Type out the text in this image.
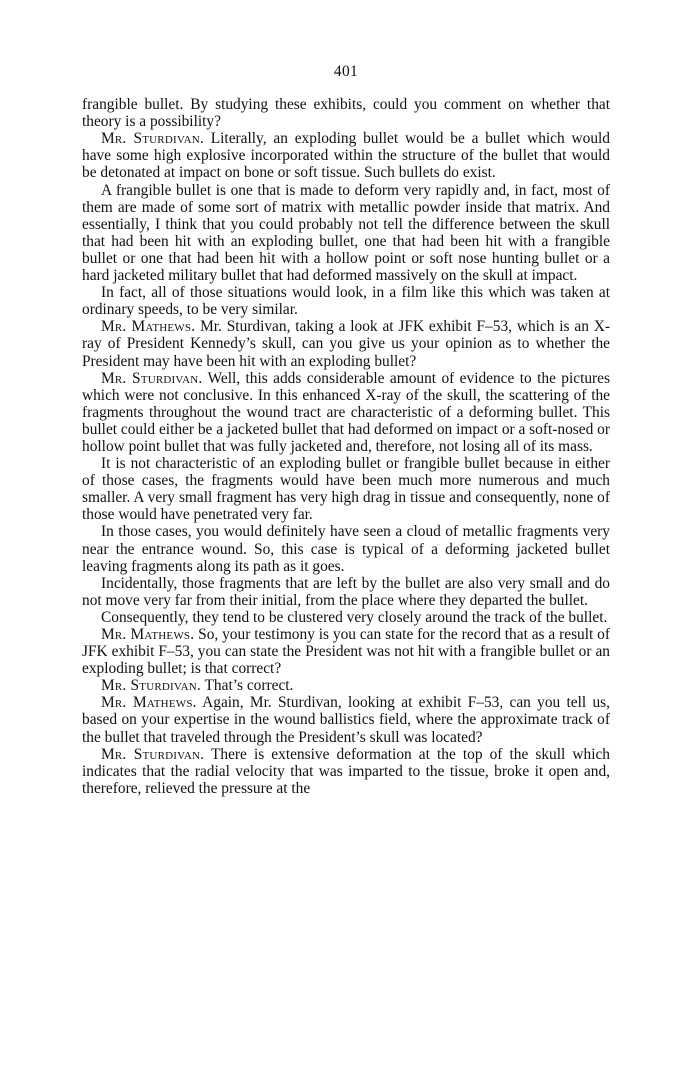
401

frangible bullet. By studying these exhibits, could you comment on whether that theory is a possibility?

Mr. Sturdivan. Literally, an exploding bullet would be a bullet which would have some high explosive incorporated within the structure of the bullet that would be detonated at impact on bone or soft tissue. Such bullets do exist.

A frangible bullet is one that is made to deform very rapidly and, in fact, most of them are made of some sort of matrix with metallic powder inside that matrix. And essentially, I think that you could probably not tell the difference between the skull that had been hit with an exploding bullet, one that had been hit with a frangible bullet or one that had been hit with a hollow point or soft nose hunting bullet or a hard jacketed military bullet that had deformed massively on the skull at impact.

In fact, all of those situations would look, in a film like this which was taken at ordinary speeds, to be very similar.

Mr. Mathews. Mr. Sturdivan, taking a look at JFK exhibit F–53, which is an X-ray of President Kennedy’s skull, can you give us your opinion as to whether the President may have been hit with an exploding bullet?

Mr. Sturdivan. Well, this adds considerable amount of evidence to the pictures which were not conclusive. In this enhanced X-ray of the skull, the scattering of the fragments throughout the wound tract are characteristic of a deforming bullet. This bullet could either be a jacketed bullet that had deformed on impact or a soft-nosed or hollow point bullet that was fully jacketed and, therefore, not losing all of its mass.

It is not characteristic of an exploding bullet or frangible bullet because in either of those cases, the fragments would have been much more numerous and much smaller. A very small fragment has very high drag in tissue and consequently, none of those would have penetrated very far.

In those cases, you would definitely have seen a cloud of metallic fragments very near the entrance wound. So, this case is typical of a deforming jacketed bullet leaving fragments along its path as it goes.

Incidentally, those fragments that are left by the bullet are also very small and do not move very far from their initial, from the place where they departed the bullet.

Consequently, they tend to be clustered very closely around the track of the bullet.

Mr. Mathews. So, your testimony is you can state for the record that as a result of JFK exhibit F–53, you can state the President was not hit with a frangible bullet or an exploding bullet; is that correct?

Mr. Sturdivan. That’s correct.

Mr. Mathews. Again, Mr. Sturdivan, looking at exhibit F–53, can you tell us, based on your expertise in the wound ballistics field, where the approximate track of the bullet that traveled through the President’s skull was located?

Mr. Sturdivan. There is extensive deformation at the top of the skull which indicates that the radial velocity that was imparted to the tissue, broke it open and, therefore, relieved the pressure at the
